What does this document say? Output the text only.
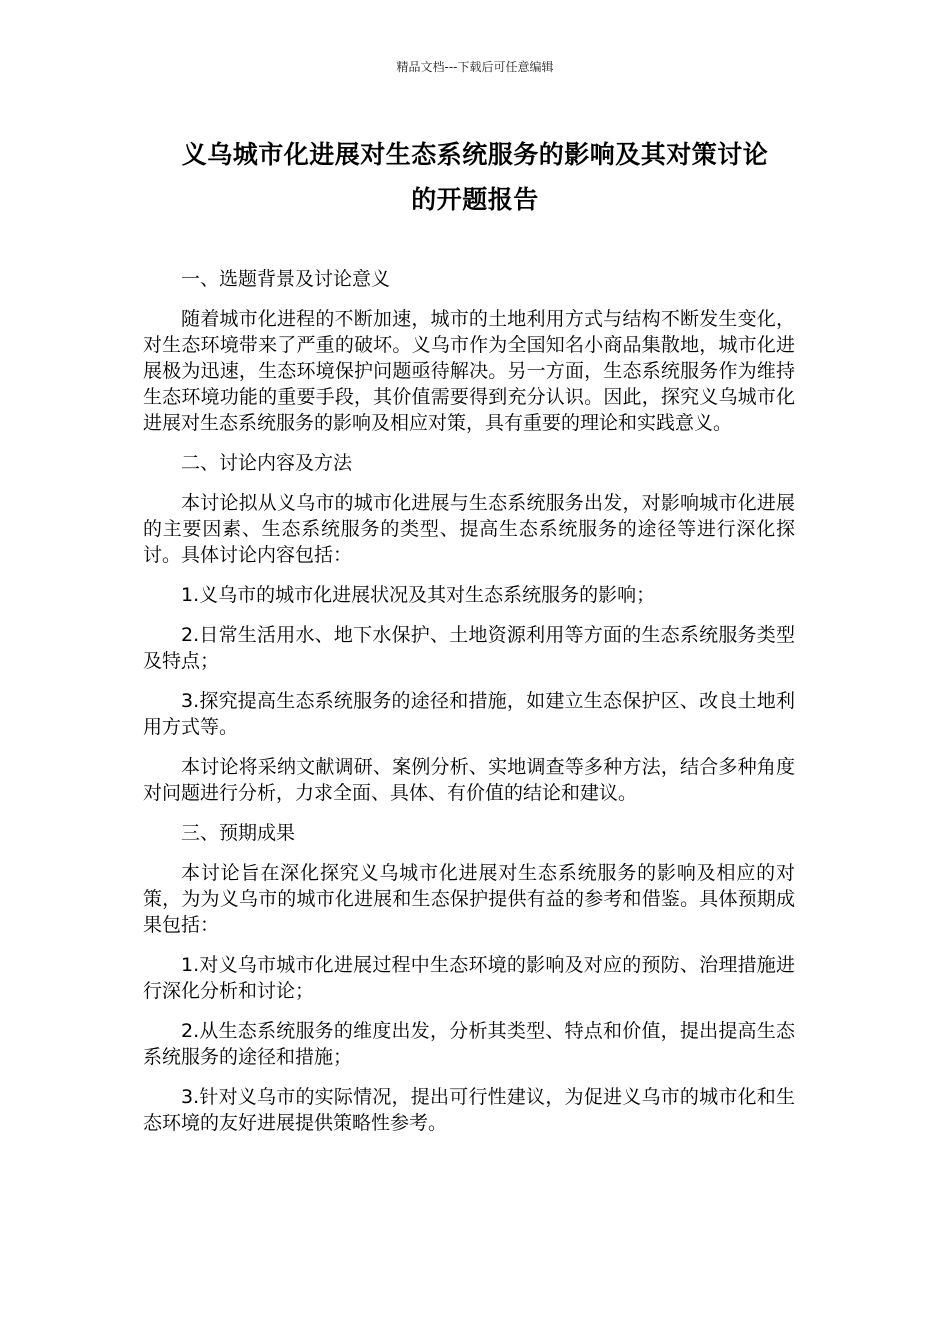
精品文档---下载后可任意编辑
义乌城市化进展对生态系统服务的影响及其对策讨论
的开题报告

一、选题背景及讨论意义

随着城市化进程的不断加速，城市的土地利用方式与结构不断发生变化，对生态环境带来了严重的破坏。义乌市作为全国知名小商品集散地，城市化进展极为迅速，生态环境保护问题亟待解决。另一方面，生态系统服务作为维持生态环境功能的重要手段，其价值需要得到充分认识。因此，探究义乌城市化进展对生态系统服务的影响及相应对策，具有重要的理论和实践意义。

二、讨论内容及方法

本讨论拟从义乌市的城市化进展与生态系统服务出发，对影响城市化进展的主要因素、生态系统服务的类型、提高生态系统服务的途径等进行深化探讨。具体讨论内容包括：

1.义乌市的城市化进展状况及其对生态系统服务的影响；

2.日常生活用水、地下水保护、土地资源利用等方面的生态系统服务类型及特点；

3.探究提高生态系统服务的途径和措施，如建立生态保护区、改良土地利用方式等。

本讨论将采纳文献调研、案例分析、实地调查等多种方法，结合多种角度对问题进行分析，力求全面、具体、有价值的结论和建议。

三、预期成果

本讨论旨在深化探究义乌城市化进展对生态系统服务的影响及相应的对策，为为义乌市的城市化进展和生态保护提供有益的参考和借鉴。具体预期成果包括：

1.对义乌市城市化进展过程中生态环境的影响及对应的预防、治理措施进行深化分析和讨论；

2.从生态系统服务的维度出发，分析其类型、特点和价值，提出提高生态系统服务的途径和措施；

3.针对义乌市的实际情况，提出可行性建议，为促进义乌市的城市化和生态环境的友好进展提供策略性参考。
